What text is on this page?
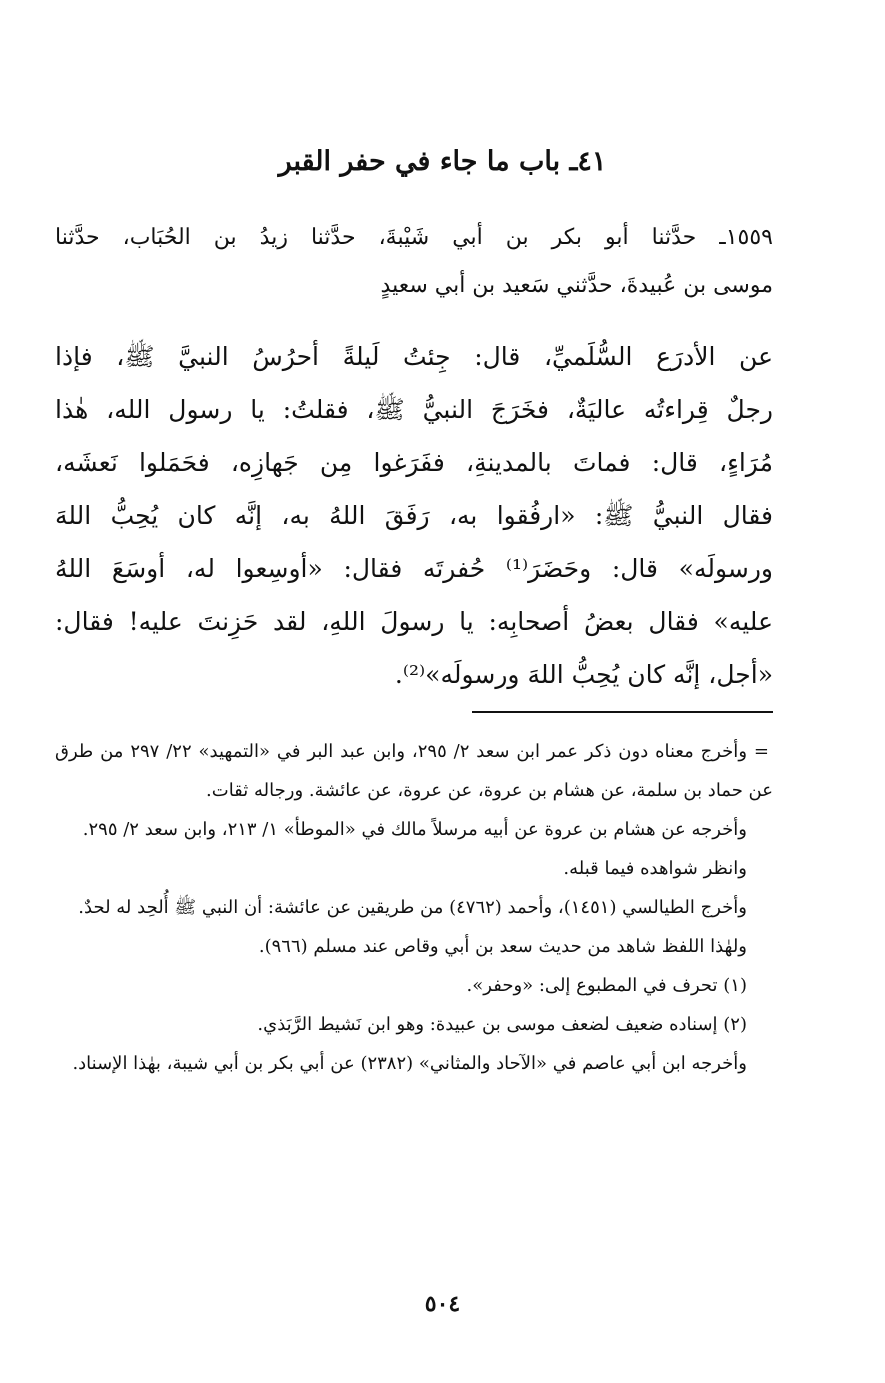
٤١ـ باب ما جاء في حفر القبر

١٥٥٩ـ حدَّثنا أبو بكر بن أبي شَيْبةَ، حدَّثنا زيدُ بن الحُبَاب، حدَّثنا

موسى بن عُبيدةَ، حدَّثني سَعيد بن أبي سعيدٍ

عن الأدرَع السُّلَميِّ، قال: جِئتُ لَيلةً أحرُسُ النبيَّ ﷺ، فإذا

رجلٌ قِراءتُه عاليَةٌ، فخَرَجَ النبيُّ ﷺ، فقلتُ: يا رسول الله، هٰذا

مُرَاءٍ، قال: فماتَ بالمدينةِ، ففَرَغوا مِن جَهازِه، فحَمَلوا نَعشَه،

فقال النبيُّ ﷺ: «ارفُقوا به، رَفَقَ اللهُ به، إنَّه كان يُحِبُّ اللهَ

ورسولَه» قال: وحَضَرَ⁽¹⁾ حُفرتَه فقال: «أوسِعوا له، أوسَعَ اللهُ

عليه» فقال بعضُ أصحابِه: يا رسولَ اللهِ، لقد حَزِنتَ عليه! فقال:

«أجل، إنَّه كان يُحِبُّ اللهَ ورسولَه»⁽²⁾.

=
وأخرج معناه دون ذكر عمر ابن سعد ٢/ ٢٩٥، وابن عبد البر في «التمهيد» ٢٢/ ٢٩٧ من طرق عن حماد بن سلمة، عن هشام بن عروة، عن عروة، عن عائشة. ورجاله ثقات.

وأخرجه عن هشام بن عروة عن أبيه مرسلاً مالك في «الموطأ» ١/ ٢١٣، وابن سعد ٢/ ٢٩٥.

وانظر شواهده فيما قبله.

وأخرج الطيالسي (١٤٥١)، وأحمد (٤٧٦٢) من طريقين عن عائشة: أن النبي ﷺ أُلحِد له لحدٌ.

ولهٰذا اللفظ شاهد من حديث سعد بن أبي وقاص عند مسلم (٩٦٦).

(١) تحرف في المطبوع إلى: «وحفر».

(٢) إسناده ضعيف لضعف موسى بن عبيدة: وهو ابن نَشيط الرَّبَذي.

وأخرجه ابن أبي عاصم في «الآحاد والمثاني» (٢٣٨٢) عن أبي بكر بن أبي شيبة، بهٰذا الإسناد.

٥٠٤
